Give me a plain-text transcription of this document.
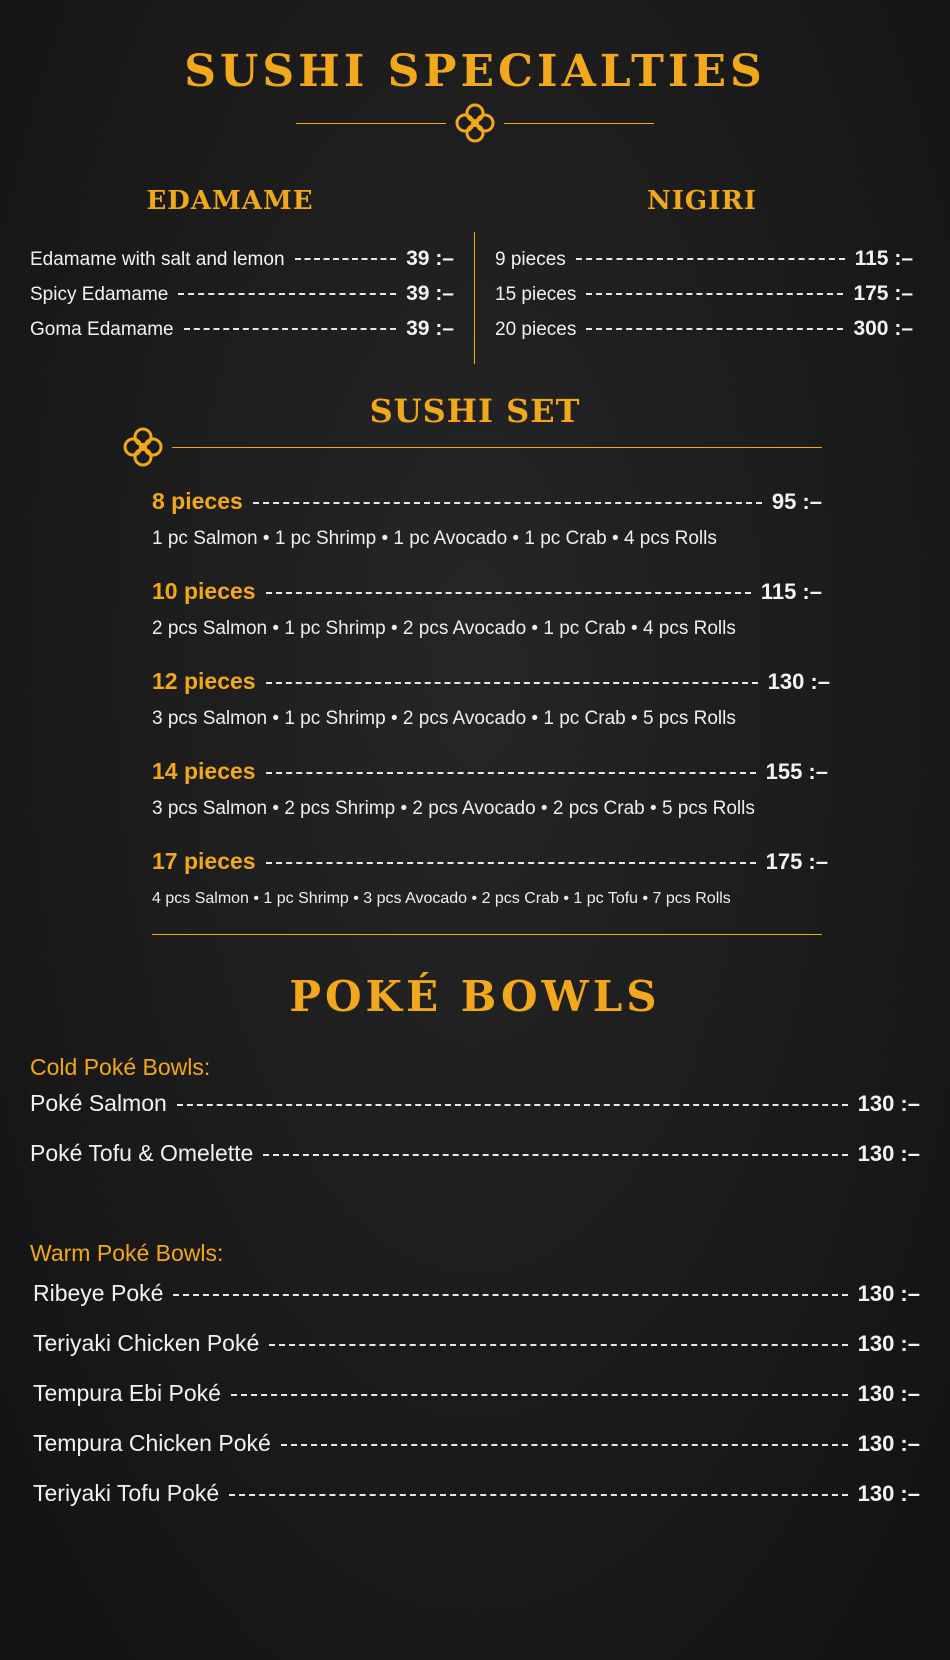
SUSHI SPECIALTIES
EDAMAME
Edamame with salt and lemon	39 :–
Spicy Edamame	39 :–
Goma Edamame	39 :–
NIGIRI
9 pieces	115 :–
15 pieces	175 :–
20 pieces	300 :–
SUSHI SET
8 pieces	95 :–
1 pc Salmon • 1 pc Shrimp • 1 pc Avocado • 1 pc Crab • 4 pcs Rolls
10 pieces	115 :–
2 pcs Salmon • 1 pc Shrimp • 2 pcs Avocado • 1 pc Crab • 4 pcs Rolls
12 pieces	130 :–
3 pcs Salmon • 1 pc Shrimp • 2 pcs Avocado • 1 pc Crab • 5 pcs Rolls
14 pieces	155 :–
3 pcs Salmon • 2 pcs Shrimp • 2 pcs Avocado • 2 pcs Crab • 5 pcs Rolls
17 pieces	175 :–
4 pcs Salmon • 1 pc Shrimp • 3 pcs Avocado • 2 pcs Crab • 1 pc Tofu • 7 pcs Rolls
POKÉ BOWLS
Cold Poké Bowls:
Poké Salmon	130 :–
Poké Tofu & Omelette	130 :–
Warm Poké Bowls:
Ribeye Poké	130 :–
Teriyaki Chicken Poké	130 :–
Tempura Ebi Poké	130 :–
Tempura Chicken Poké	130 :–
Teriyaki Tofu Poké	130 :–
